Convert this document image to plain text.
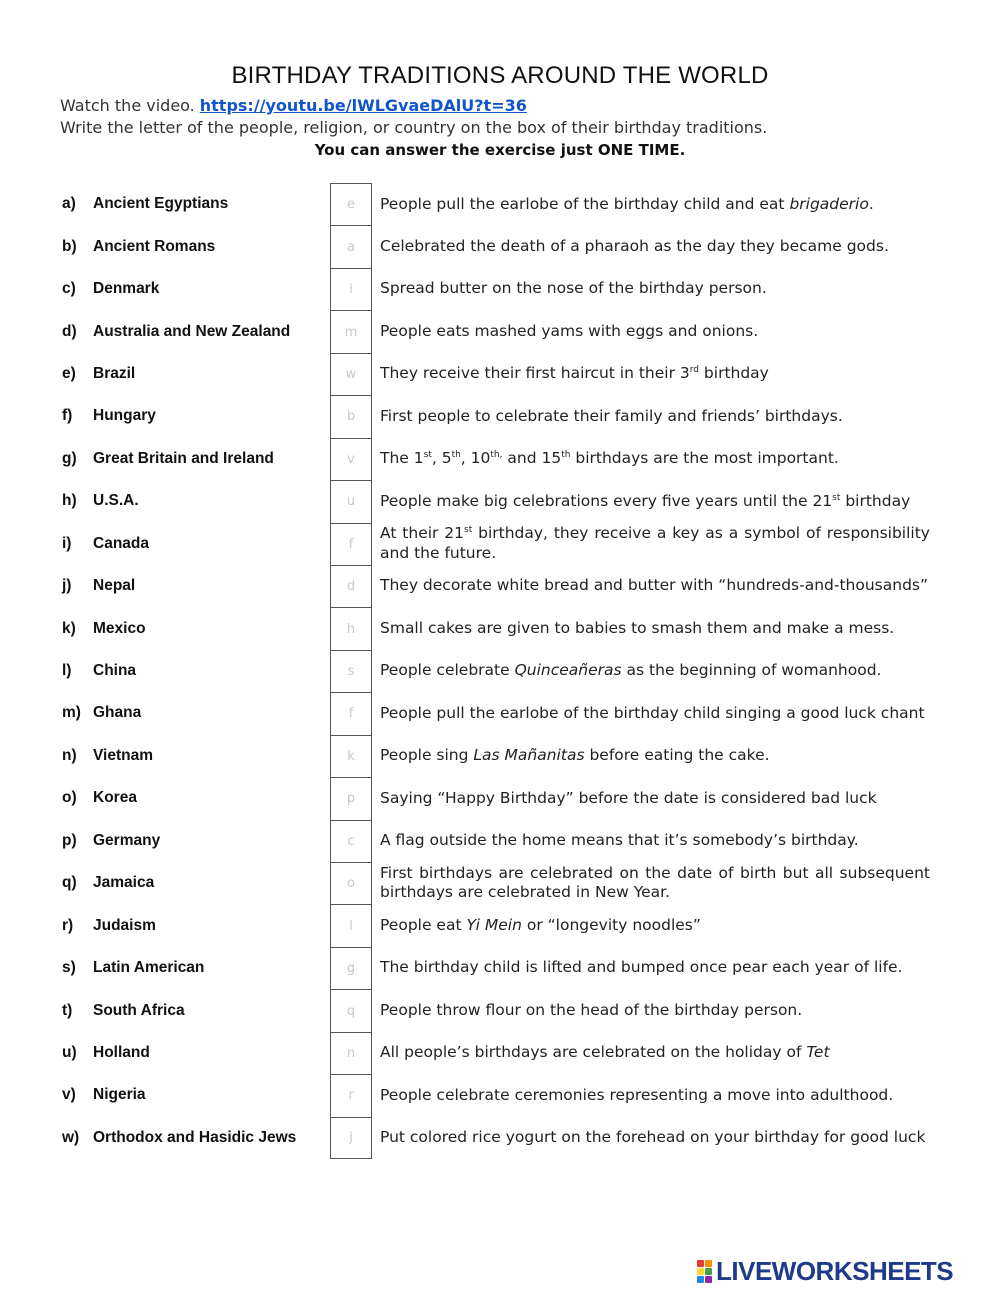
BIRTHDAY TRADITIONS AROUND THE WORLD
Watch the video. https://youtu.be/lWLGvaeDAlU?t=36
Write the letter of the people, religion, or country on the box of their birthday traditions.
You can answer the exercise just ONE TIME.
a)	Ancient Egyptians	e	People pull the earlobe of the birthday child and eat brigaderio.
b)	Ancient Romans	a	Celebrated the death of a pharaoh as the day they became gods.
c)	Denmark	i	Spread butter on the nose of the birthday person.
d)	Australia and New Zealand	m	People eats mashed yams with eggs and onions.
e)	Brazil	w	They receive their first haircut in their 3rd birthday
f)	Hungary	b	First people to celebrate their family and friends’ birthdays.
g)	Great Britain and Ireland	v	The 1st, 5th, $10^{th,}$ and 15th birthdays are the most important.
h)	U.S.A.	u	People make big celebrations every five years until the 21st birthday
i)	Canada	f
At their 21st birthday, they receive a key as a symbol of responsibility and the future.
j)	Nepal	d	They decorate white bread and butter with “hundreds-and-thousands”
k)	Mexico	h	Small cakes are given to babies to smash them and make a mess.
l)	China	s	People celebrate Quinceañeras as the beginning of womanhood.
m) Ghana	f	People pull the earlobe of the birthday child singing a good luck chant
n)	Vietnam	k	People sing Las Mañanitas before eating the cake.
o)	Korea	p	Saying “Happy Birthday” before the date is considered bad luck
p)	Germany	c	A flag outside the home means that it’s somebody’s birthday.
q)	Jamaica	o
First birthdays are celebrated on the date of birth but all subsequent birthdays are celebrated in New Year.
r)	Judaism	l	People eat Yi Mein or “longevity noodles”
s)	Latin American	g	The birthday child is lifted and bumped once pear each year of life.
t)	South Africa	q	People throw flour on the head of the birthday person.
u)	Holland	n	All people’s birthdays are celebrated on the holiday of Tet
v)	Nigeria	r	People celebrate ceremonies representing a move into adulthood.
w) Orthodox and Hasidic Jews	j	Put colored rice yogurt on the forehead on your birthday for good luck
LIVEWORKSHEETS
